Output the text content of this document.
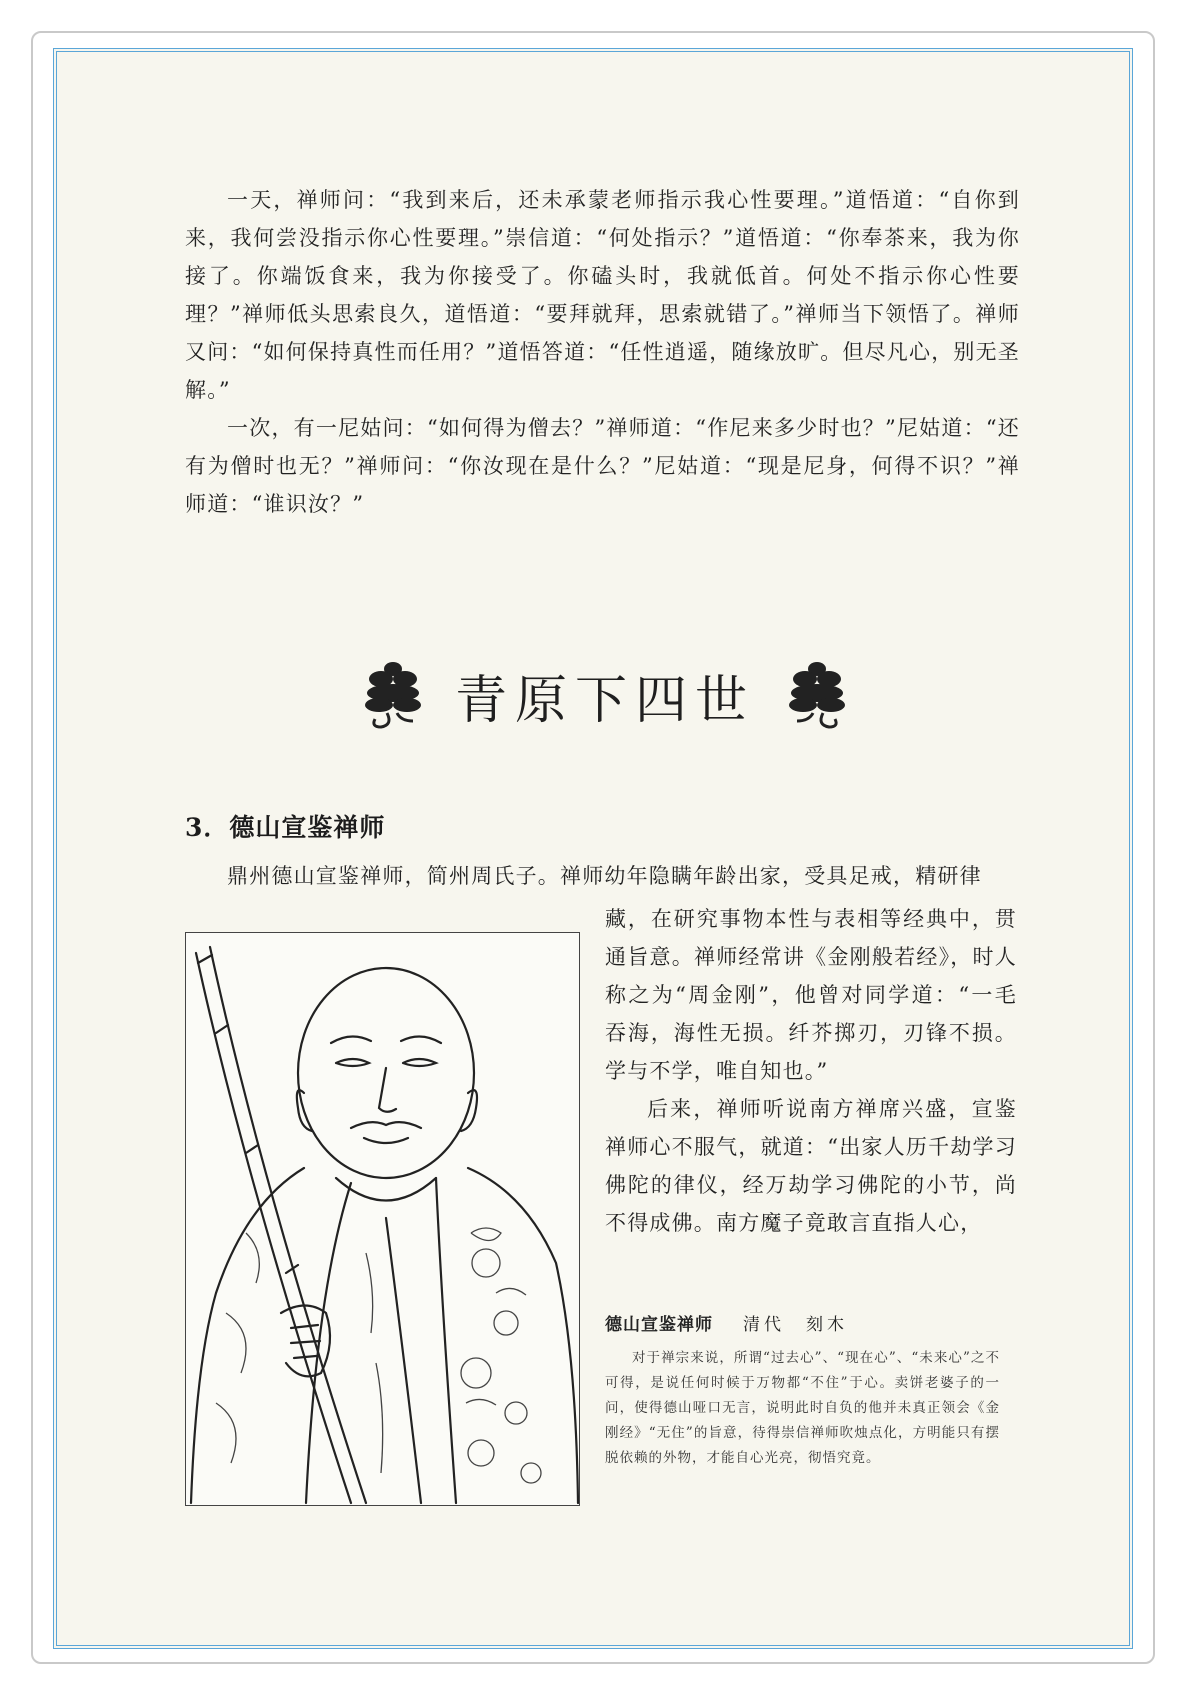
一天，禅师问：“我到来后，还未承蒙老师指示我心性要理。”道悟道：“自你到来，我何尝没指示你心性要理。”崇信道：“何处指示？”道悟道：“你奉茶来，我为你接了。你端饭食来，我为你接受了。你磕头时，我就低首。何处不指示你心性要理？”禅师低头思索良久，道悟道：“要拜就拜，思索就错了。”禅师当下领悟了。禅师又问：“如何保持真性而任用？”道悟答道：“任性逍遥，随缘放旷。但尽凡心，别无圣解。”

一次，有一尼姑问：“如何得为僧去？”禅师道：“作尼来多少时也？”尼姑道：“还有为僧时也无？”禅师问：“你汝现在是什么？”尼姑道：“现是尼身，何得不识？”禅师道：“谁识汝？”

青原下四世
3．德山宣鉴禅师

鼎州德山宣鉴禅师，简州周氏子。禅师幼年隐瞒年龄出家，受具足戒，精研律

藏，在研究事物本性与表相等经典中，贯通旨意。禅师经常讲《金刚般若经》，时人称之为“周金刚”，他曾对同学道：“一毛吞海，海性无损。纤芥掷刃，刃锋不损。学与不学，唯自知也。”

后来，禅师听说南方禅席兴盛，宣鉴禅师心不服气，就道：“出家人历千劫学习佛陀的律仪，经万劫学习佛陀的小节，尚不得成佛。南方魔子竟敢言直指人心，

德山宣鉴禅师 清代　刻木
对于禅宗来说，所谓“过去心”、“现在心”、“未来心”之不可得，是说任何时候于万物都“不住”于心。卖饼老婆子的一问，使得德山哑口无言，说明此时自负的他并未真正领会《金刚经》“无住”的旨意，待得崇信禅师吹烛点化，方明能只有摆脱依赖的外物，才能自心光亮，彻悟究竟。
